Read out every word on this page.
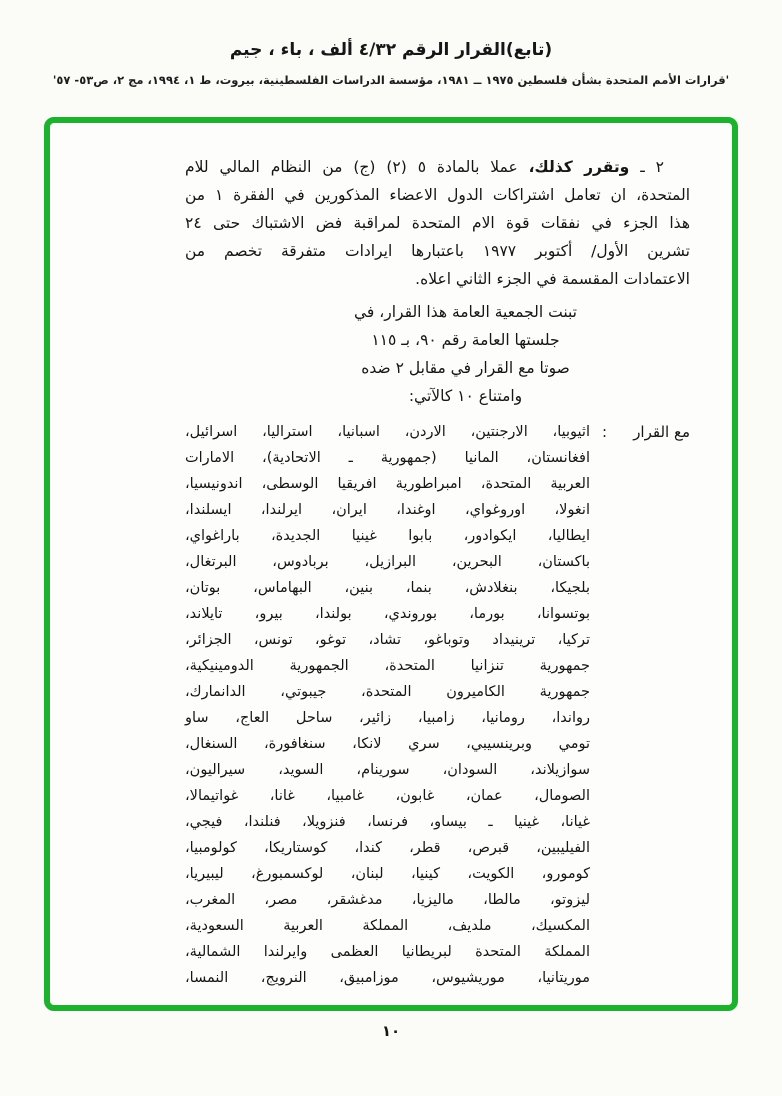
(تابع)القرار الرقم ٤/٣٢ ألف ، باء ، جيم
'قرارات الأمم المتحدة بشأن فلسطين ١٩٧٥ ــ ١٩٨١، مؤسسة الدراسات الفلسطينية، بيروت، ط ١، ١٩٩٤، مج ٢، ص٥٣- ٥٧'
٢ ـ وتقرر كذلك، عملا بالمادة ٥ (٢) (ج) من النظام المالي للام
المتحدة، ان تعامل اشتراكات الدول الاعضاء المذكورين في الفقرة ١ من
هذا الجزء في نفقات قوة الام المتحدة لمراقبة فض الاشتباك حتى ٢٤
تشرين الأول/ أكتوبر ١٩٧٧ باعتبارها ايرادات متفرقة تخصم من
الاعتمادات المقسمة في الجزء الثاني اعلاه.
تبنت الجمعية العامة هذا القرار، في
جلستها العامة رقم ٩٠، بـ ١١٥
صوتا مع القرار في مقابل ٢ ضده
وامتناع ١٠ كالآتي:
مع القرار
:
اثيوبيا، الارجنتين، الاردن، اسبانيا، استراليا، اسرائيل،
افغانستان، المانيا (جمهورية ـ الاتحادية)، الامارات
العربية المتحدة، امبراطورية افريقيا الوسطى، اندونيسيا،
انغولا، اوروغواي، اوغندا، ايران، ايرلندا، ايسلندا،
ايطاليا، ايكوادور، بابوا غينيا الجديدة، باراغواي،
باكستان، البحرين، البرازيل، بربادوس، البرتغال،
بلجيكا، بنغلادش، بنما، بنين، البهاماس، بوتان،
بوتسوانا، بورما، بوروندي، بولندا، بيرو، تايلاند،
تركيا، ترينيداد وتوباغو، تشاد، توغو، تونس، الجزائر،
جمهورية تنزانيا المتحدة، الجمهورية الدومينيكية،
جمهورية الكاميرون المتحدة، جيبوتي، الدانمارك،
رواندا، رومانيا، زامبيا، زائير، ساحل العاج، ساو
تومي وبرينسيبي، سري لانكا، سنغافورة، السنغال،
سوازيلاند، السودان، سورينام، السويد، سيراليون،
الصومال، عمان، غابون، غامبيا، غانا، غواتيمالا،
غيانا، غينيا ـ بيساو، فرنسا، فنزويلا، فنلندا، فيجي،
الفيليبين، قبرص، قطر، كندا، كوستاريكا، كولومبيا،
كومورو، الكويت، كينيا، لبنان، لوكسمبورغ، ليبيريا،
ليزوتو، مالطا، ماليزيا، مدغشقر، مصر، المغرب،
المكسيك، ملديف، المملكة العربية السعودية،
المملكة المتحدة لبريطانيا العظمى وايرلندا الشمالية،
موريتانيا، موريشيوس، موزامبيق، النرويج، النمسا،
١٠
